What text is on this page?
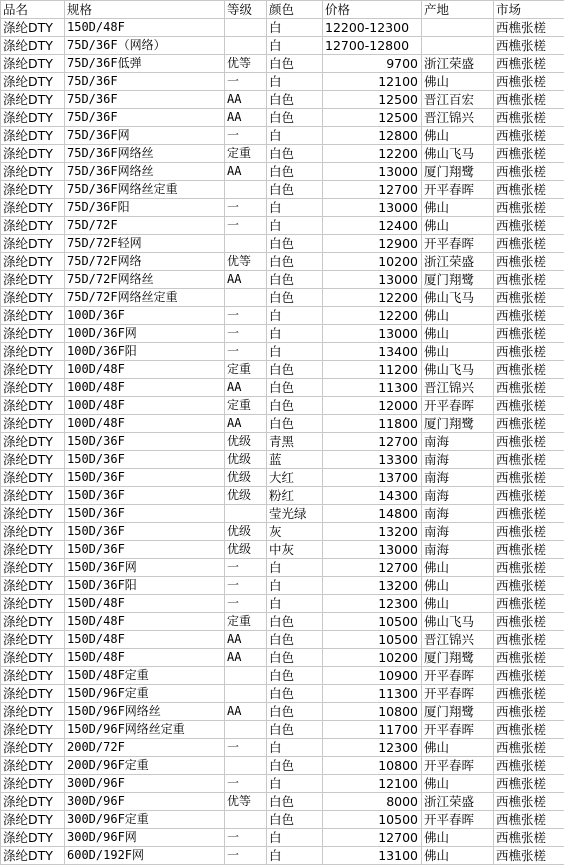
品名	规格	等级	颜色	价格	产地	市场
涤纶DTY	150D/48F		白	12200-12300		西樵张槎
涤纶DTY	75D/36F（网络）		白	12700-12800		西樵张槎
涤纶DTY	75D/36F低弹	优等	白色	9700	浙江荣盛	西樵张槎
涤纶DTY	75D/36F	一	白	12100	佛山	西樵张槎
涤纶DTY	75D/36F	AA	白色	12500	晋江百宏	西樵张槎
涤纶DTY	75D/36F	AA	白色	12500	晋江锦兴	西樵张槎
涤纶DTY	75D/36F网	一	白	12800	佛山	西樵张槎
涤纶DTY	75D/36F网络丝	定重	白色	12200	佛山飞马	西樵张槎
涤纶DTY	75D/36F网络丝	AA	白色	13000	厦门翔鹭	西樵张槎
涤纶DTY	75D/36F网络丝定重		白色	12700	开平春晖	西樵张槎
涤纶DTY	75D/36F阳	一	白	13000	佛山	西樵张槎
涤纶DTY	75D/72F	一	白	12400	佛山	西樵张槎
涤纶DTY	75D/72F轻网		白色	12900	开平春晖	西樵张槎
涤纶DTY	75D/72F网络	优等	白色	10200	浙江荣盛	西樵张槎
涤纶DTY	75D/72F网络丝	AA	白色	13000	厦门翔鹭	西樵张槎
涤纶DTY	75D/72F网络丝定重		白色	12200	佛山飞马	西樵张槎
涤纶DTY	100D/36F	一	白	12200	佛山	西樵张槎
涤纶DTY	100D/36F网	一	白	13000	佛山	西樵张槎
涤纶DTY	100D/36F阳	一	白	13400	佛山	西樵张槎
涤纶DTY	100D/48F	定重	白色	11200	佛山飞马	西樵张槎
涤纶DTY	100D/48F	AA	白色	11300	晋江锦兴	西樵张槎
涤纶DTY	100D/48F	定重	白色	12000	开平春晖	西樵张槎
涤纶DTY	100D/48F	AA	白色	11800	厦门翔鹭	西樵张槎
涤纶DTY	150D/36F	优级	青黑	12700	南海	西樵张槎
涤纶DTY	150D/36F	优级	蓝	13300	南海	西樵张槎
涤纶DTY	150D/36F	优级	大红	13700	南海	西樵张槎
涤纶DTY	150D/36F	优级	粉红	14300	南海	西樵张槎
涤纶DTY	150D/36F		莹光绿	14800	南海	西樵张槎
涤纶DTY	150D/36F	优级	灰	13200	南海	西樵张槎
涤纶DTY	150D/36F	优级	中灰	13000	南海	西樵张槎
涤纶DTY	150D/36F网	一	白	12700	佛山	西樵张槎
涤纶DTY	150D/36F阳	一	白	13200	佛山	西樵张槎
涤纶DTY	150D/48F	一	白	12300	佛山	西樵张槎
涤纶DTY	150D/48F	定重	白色	10500	佛山飞马	西樵张槎
涤纶DTY	150D/48F	AA	白色	10500	晋江锦兴	西樵张槎
涤纶DTY	150D/48F	AA	白色	10200	厦门翔鹭	西樵张槎
涤纶DTY	150D/48F定重		白色	10900	开平春晖	西樵张槎
涤纶DTY	150D/96F定重		白色	11300	开平春晖	西樵张槎
涤纶DTY	150D/96F网络丝	AA	白色	10800	厦门翔鹭	西樵张槎
涤纶DTY	150D/96F网络丝定重		白色	11700	开平春晖	西樵张槎
涤纶DTY	200D/72F	一	白	12300	佛山	西樵张槎
涤纶DTY	200D/96F定重		白色	10800	开平春晖	西樵张槎
涤纶DTY	300D/96F	一	白	12100	佛山	西樵张槎
涤纶DTY	300D/96F	优等	白色	8000	浙江荣盛	西樵张槎
涤纶DTY	300D/96F定重		白色	10500	开平春晖	西樵张槎
涤纶DTY	300D/96F网	一	白	12700	佛山	西樵张槎
涤纶DTY	600D/192F网	一	白	13100	佛山	西樵张槎
